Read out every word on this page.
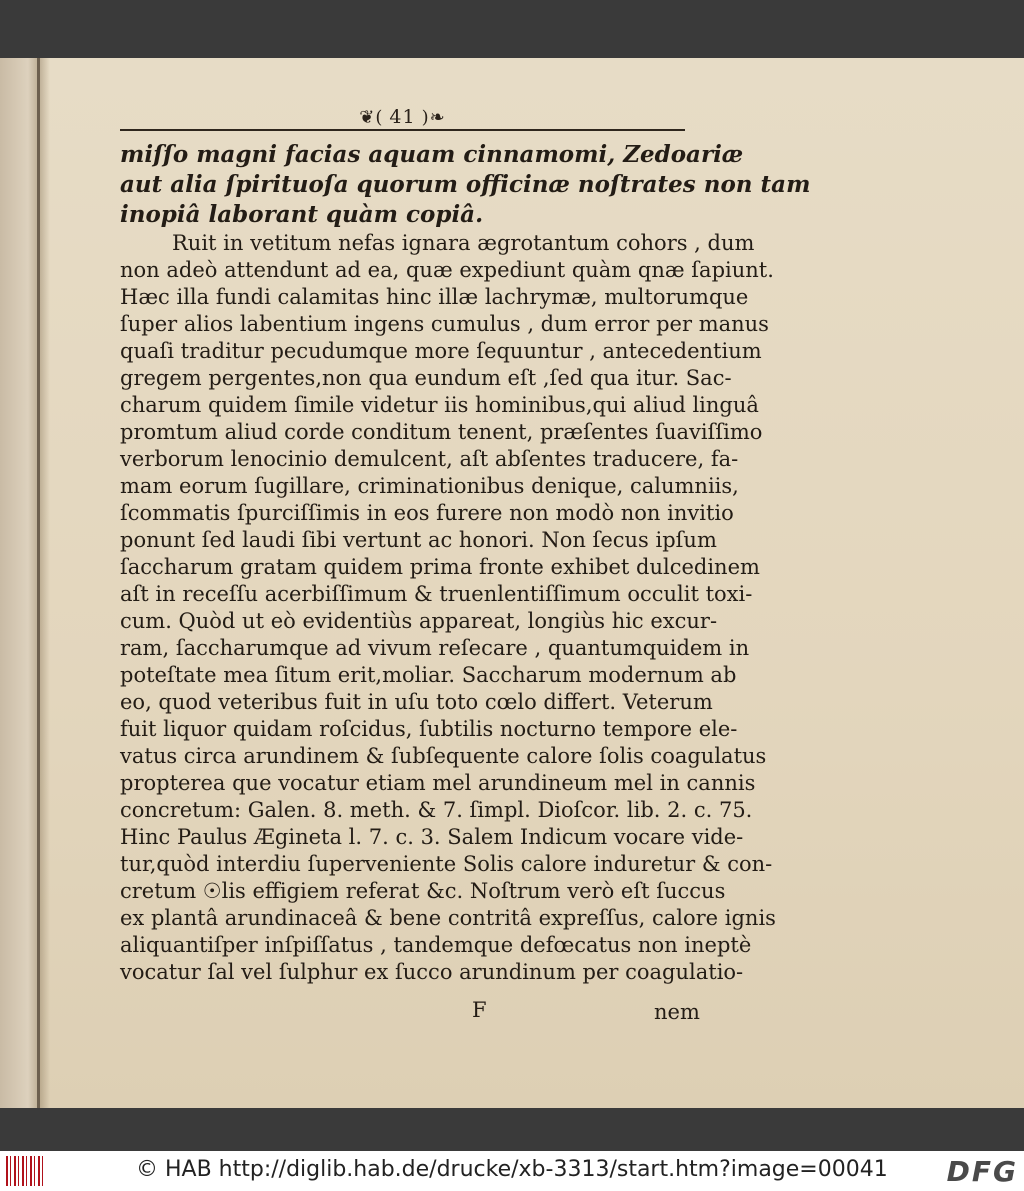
❦( 41 )❧
miſſo magni facias aquam cinnamomi, Zedoariæ
aut alia ſpirituoſa quorum officinæ noſtrates non tam
inopiâ laborant quàm copiâ.
Ruit in vetitum nefas ignara ægrotantum cohors , dum
non adeò attendunt ad ea, quæ expediunt quàm qnæ ſapiunt.
Hæc illa fundi calamitas hinc illæ lachrymæ, multorumque
ſuper alios labentium ingens cumulus , dum error per manus
quaſi traditur pecudumque more ſequuntur , antecedentium
gregem pergentes,non qua eundum eſt ,ſed qua itur. Sac-
charum quidem ſimile videtur iis hominibus,qui aliud linguâ
promtum aliud corde conditum tenent, præſentes ſuaviſſimo
verborum lenocinio demulcent, aſt abſentes traducere, fa-
mam eorum ſugillare, criminationibus denique, calumniis,
ſcommatis ſpurciſſimis in eos furere non modò non invitio
ponunt ſed laudi ſibi vertunt ac honori. Non ſecus ipſum
ſaccharum gratam quidem prima fronte exhibet dulcedinem
aſt in receſſu acerbiſſimum & truenlentiſſimum occulit toxi-
cum. Quòd ut eò evidentiùs appareat, longiùs hic excur-
ram, ſaccharumque ad vivum reſecare , quantumquidem in
poteſtate mea ſitum erit,moliar. Saccharum modernum ab
eo, quod veteribus fuit in uſu toto cœlo differt. Veterum
fuit liquor quidam roſcidus, ſubtilis nocturno tempore ele-
vatus circa arundinem & ſubſequente calore ſolis coagulatus
propterea que vocatur etiam mel arundineum mel in cannis
concretum: Galen. 8. meth. & 7. ſimpl. Dioſcor. lib. 2. c. 75.
Hinc Paulus Ægineta l. 7. c. 3. Salem Indicum vocare vide-
tur,quòd interdiu ſuperveniente Solis calore induretur & con-
cretum ☉lis effigiem referat &c. Noſtrum verò eſt ſuccus
ex plantâ arundinaceâ & bene contritâ expreſſus, calore ignis
aliquantiſper inſpiſſatus , tandemque defœcatus non ineptè
vocatur ſal vel ſulphur ex ſucco arundinum per coagulatio-
F	nem
© HAB http://diglib.hab.de/drucke/xb-3313/start.htm?image=00041 DFG
